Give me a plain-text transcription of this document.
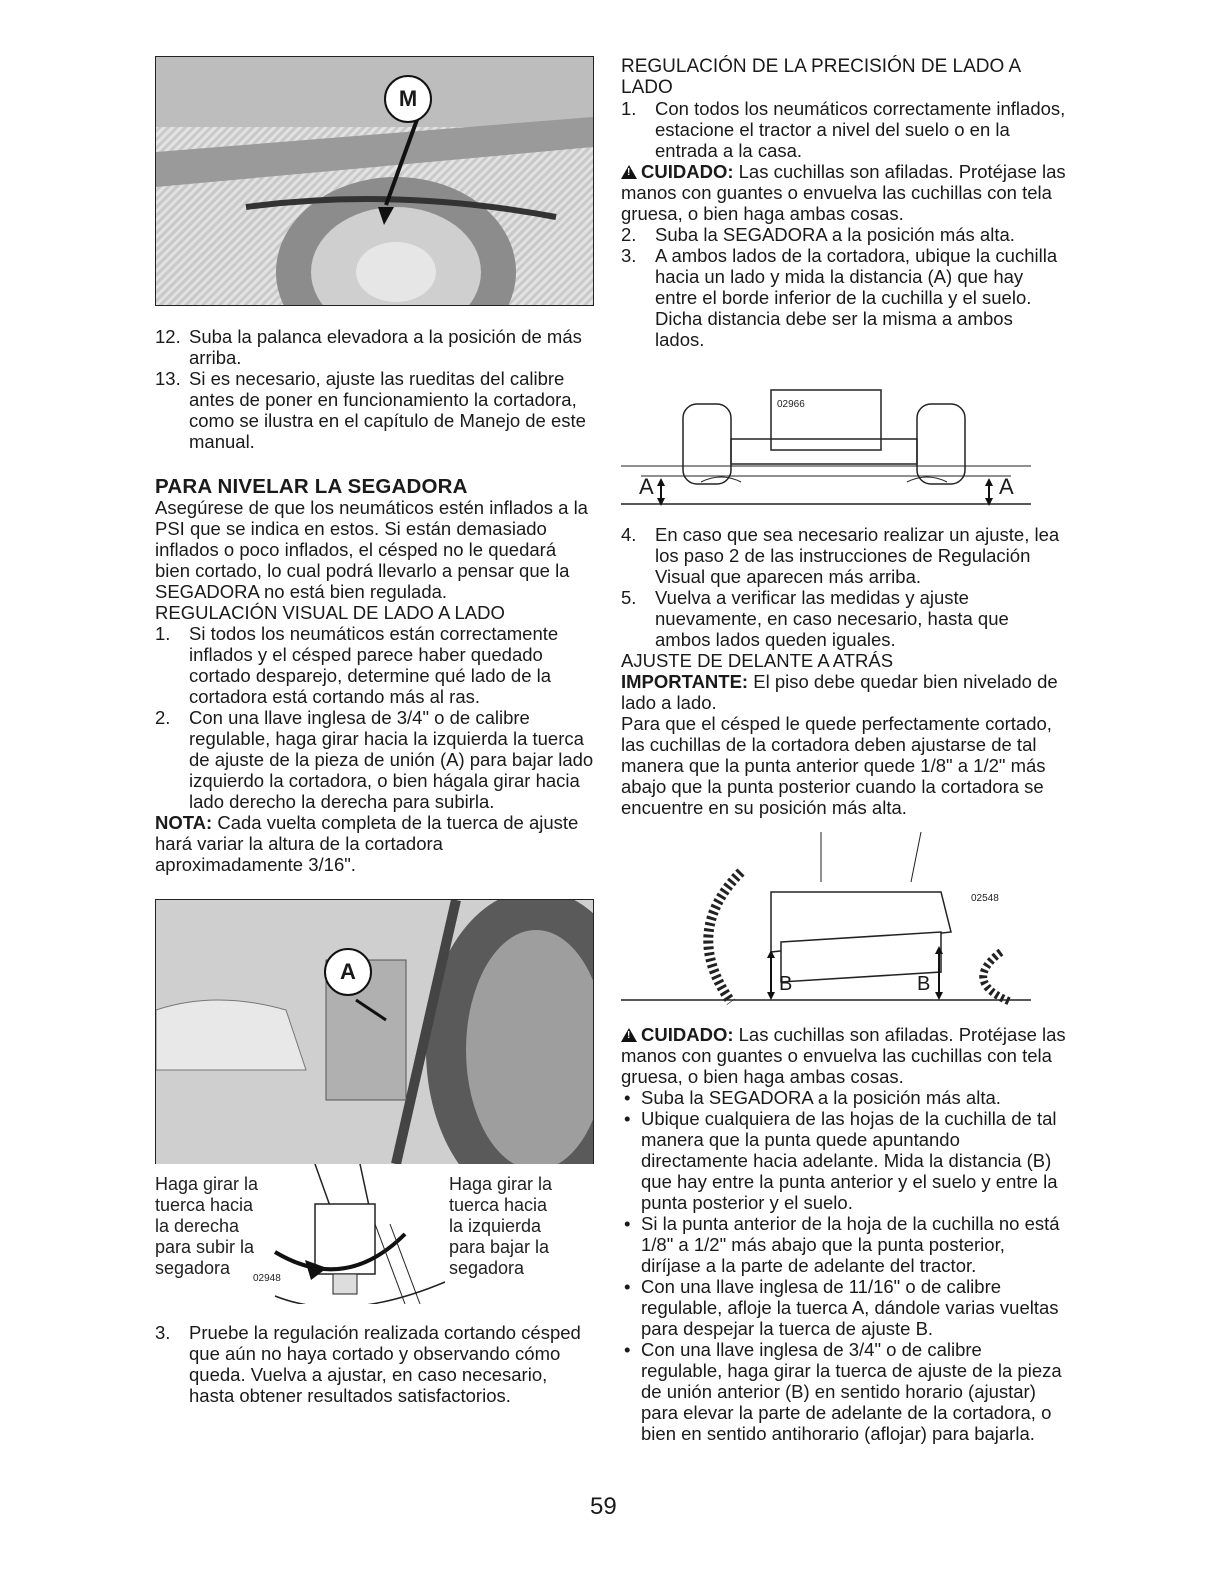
M
12. Suba la palanca elevadora a la posición de más arriba.
13. Si es necesario, ajuste las rueditas del calibre antes de poner en funcionamiento la cortadora, como se ilustra en el capítulo de Manejo de este manual.
PARA NIVELAR LA SEGADORA

Asegúrese de que los neumáticos estén inflados a la PSI que se indica en estos. Si están demasiado inflados o poco inflados, el césped no le quedará bien cortado, lo cual podrá llevarlo a pensar que la SEGADORA no está bien regulada.

REGULACIÓN VISUAL DE LADO A LADO

1. Si todos los neumáticos están correctamente inflados y el césped parece haber quedado cortado desparejo, determine qué lado de la cortadora está cortando más al ras.
2. Con una llave inglesa de 3/4" o de calibre regulable, haga girar hacia la izquierda la tuerca de ajuste de la pieza de unión (A) para bajar lado izquierdo la cortadora, o bien hágala girar hacia lado derecho la derecha para subirla.

NOTA: Cada vuelta completa de la tuerca de ajuste hará variar la altura de la cortadora aproximadamente 3/16".

A
Haga girar la
tuerca hacia
la derecha
para subir la
segadora
Haga girar la
tuerca hacia
la izquierda
para bajar la
segadora
02948
3. Pruebe la regulación realizada cortando césped que aún no haya cortado y observando cómo queda. Vuelva a ajustar, en caso necesario, hasta obtener resultados satisfactorios.

REGULACIÓN DE LA PRECISIÓN DE LADO A LADO

1. Con todos los neumáticos correctamente inflados, estacione el tractor a nivel del suelo o en la entrada a la casa.

!CUIDADO: Las cuchillas son afiladas. Protéjase las manos con guantes o envuelva las cuchillas con tela gruesa, o bien haga ambas cosas.

2. Suba la SEGADORA a la posición más alta.
3. A ambos lados de la cortadora, ubique la cuchilla hacia un lado y mida la distancia (A) que hay entre el borde inferior de la cuchilla y el suelo. Dicha distancia debe ser la misma a ambos lados.
02966
A	A
4. En caso que sea necesario realizar un ajuste, lea los paso 2 de las instrucciones de Regulación Visual que aparecen más arriba.
5. Vuelva a verificar las medidas y ajuste nuevamente, en caso necesario, hasta que ambos lados queden iguales.

AJUSTE DE DELANTE A ATRÁS

IMPORTANTE: El piso debe quedar bien nivelado de lado a lado.

Para que el césped le quede perfectamente cortado, las cuchillas de la cortadora deben ajustarse de tal manera que la punta anterior quede 1/8" a 1/2" más abajo que la punta posterior cuando la cortadora se encuentre en su posición más alta.

02548
B	B

!CUIDADO: Las cuchillas son afiladas. Protéjase las manos con guantes o envuelva las cuchillas con tela gruesa, o bien haga ambas cosas.

• Suba la SEGADORA a la posición más alta.
• Ubique cualquiera de las hojas de la cuchilla de tal manera que la punta quede apuntando directamente hacia adelante. Mida la distancia (B) que hay entre la punta anterior y el suelo y entre la punta posterior y el suelo.
• Si la punta anterior de la hoja de la cuchilla no está 1/8" a 1/2" más abajo que la punta posterior, diríjase a la parte de adelante del tractor.
• Con una llave inglesa de 11/16" o de calibre regulable, afloje la tuerca A, dándole varias vueltas para despejar la tuerca de ajuste B.
• Con una llave inglesa de 3/4" o de calibre regulable, haga girar la tuerca de ajuste de la pieza de unión anterior (B) en sentido horario (ajustar) para elevar la parte de adelante de la cortadora, o bien en sentido antihorario (aflojar) para bajarla.
59
